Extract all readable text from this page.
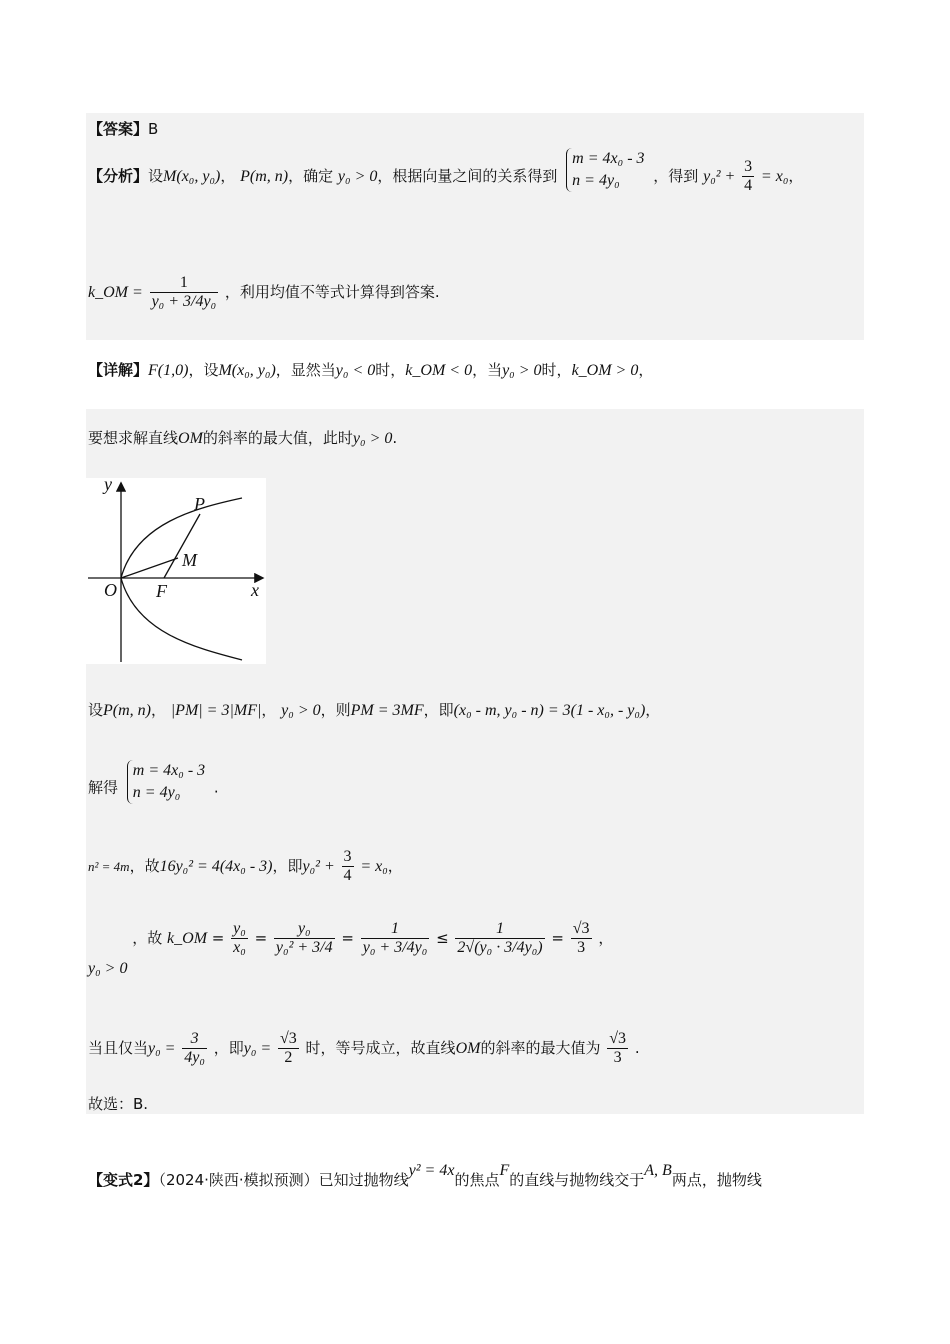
【答案】B
【分析】设M(x₀, y₀)， P(m, n)，确定 y₀ > 0，根据向量之间的关系得到
m = 4x₀ - 3
n = 4y₀	，得到 $y_0^2 + \frac{3}{4} = x_0$，
k_OM = $\frac{1}{\text{y₀ + 3/4y₀}}$ ，利用均值不等式计算得到答案.
【详解】F(1,0)，设M(x₀, y₀)，显然当y₀ < 0时，k_OM < 0，当y₀ > 0时，k_OM > 0，
要想求解直线OM的斜率的最大值，此时y₀ > 0.
y
x
O F
M
P
设P(m, n)， |PM| = 3|MF|， y₀ > 0，则PM = 3MF，即(x₀ - m, y₀ - n) = 3(1 - x₀, - y₀)，
解得
m = 4x₀ - 3
n = 4y₀	.
n² = 4m，故16y₀² = 4(4x₀ - 3)，即$y_0^2 + \frac{3}{4} = x_0$，
y₀ > 0 ，故 k_OM = $\frac{\text{y₀}}{\text{x₀}} = \frac{\text{y₀}}{\text{y₀² + 3/4}} = \frac{1}{\text{y₀ + 3/4y₀}} \le \frac{1}{\text{2√(y₀ · 3/4y₀)}} = \frac{√3}{3}$ ，
当且仅当$y_0 = \frac{3}{\text{4y₀}}$ ，即$y_0 = \frac{√3}{2}$ 时，等号成立，故直线OM的斜率的最大值为 $\frac{√3}{3}$ .
故选：B.
【变式2】（2024·陕西·模拟预测）已知过抛物线y² = 4x的焦点F的直线与抛物线交于A, B两点，抛物线
